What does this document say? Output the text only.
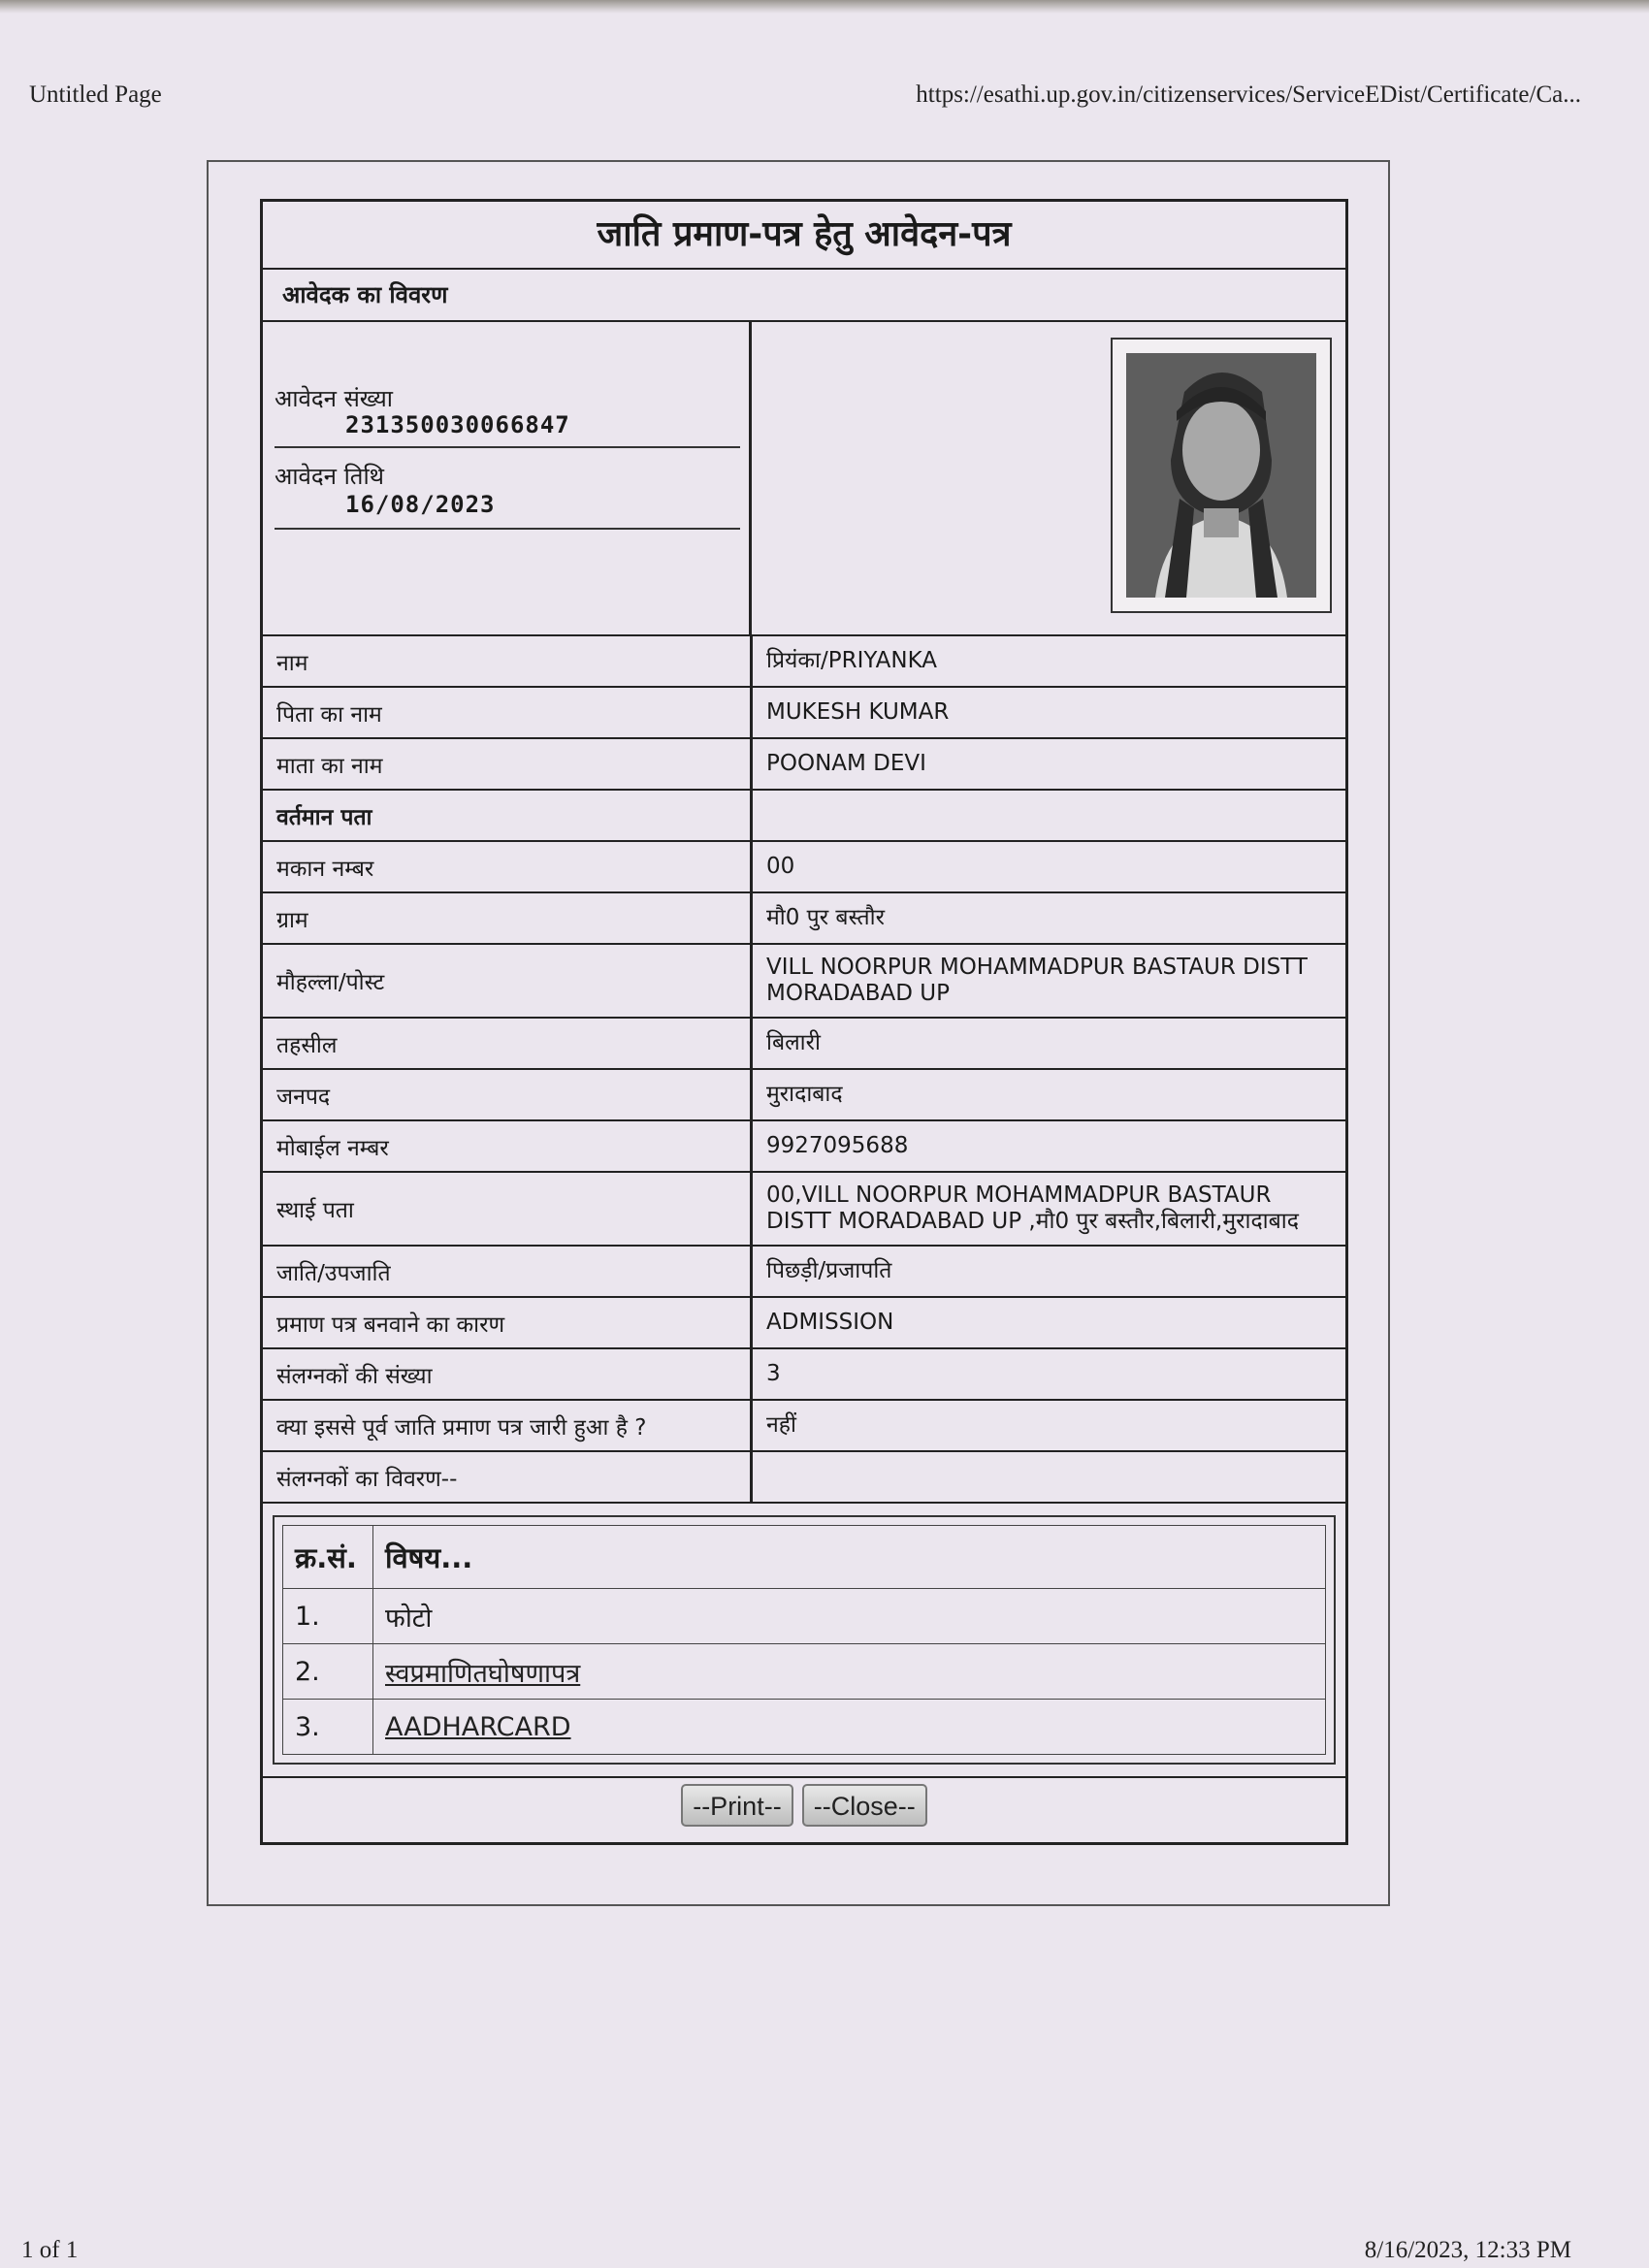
Untitled Page	https://esathi.up.gov.in/citizenservices/ServiceEDist/Certificate/Ca...
जाति प्रमाण-पत्र हेतु आवेदन-पत्र
आवेदक का विवरण
आवेदन संख्या
231350030066847
आवेदन तिथि
16/08/2023
नाम	प्रियंका/PRIYANKA
पिता का नाम	MUKESH KUMAR
माता का नाम	POONAM DEVI
वर्तमान पता	
मकान नम्बर	00
ग्राम	मौ0 पुर बस्तौर
मौहल्ला/पोस्ट	VILL NOORPUR MOHAMMADPUR BASTAUR DISTT MORADABAD UP
तहसील	बिलारी
जनपद	मुरादाबाद
मोबाईल नम्बर	9927095688
स्थाई पता	00,VILL NOORPUR MOHAMMADPUR BASTAUR DISTT MORADABAD UP ,मौ0 पुर बस्तौर,बिलारी,मुरादाबाद
जाति/उपजाति	पिछड़ी/प्रजापति
प्रमाण पत्र बनवाने का कारण	ADMISSION
संलग्नकों की संख्या	3
क्या इससे पूर्व जाति प्रमाण पत्र जारी हुआ है ?	नहीं
संलग्नकों का विवरण--	
क्र.सं.	विषय...
1.	फोटो
2.	स्वप्रमाणितघोषणापत्र
3.	AADHARCARD
--Print-- --Close--
1 of 1	8/16/2023, 12:33 PM
